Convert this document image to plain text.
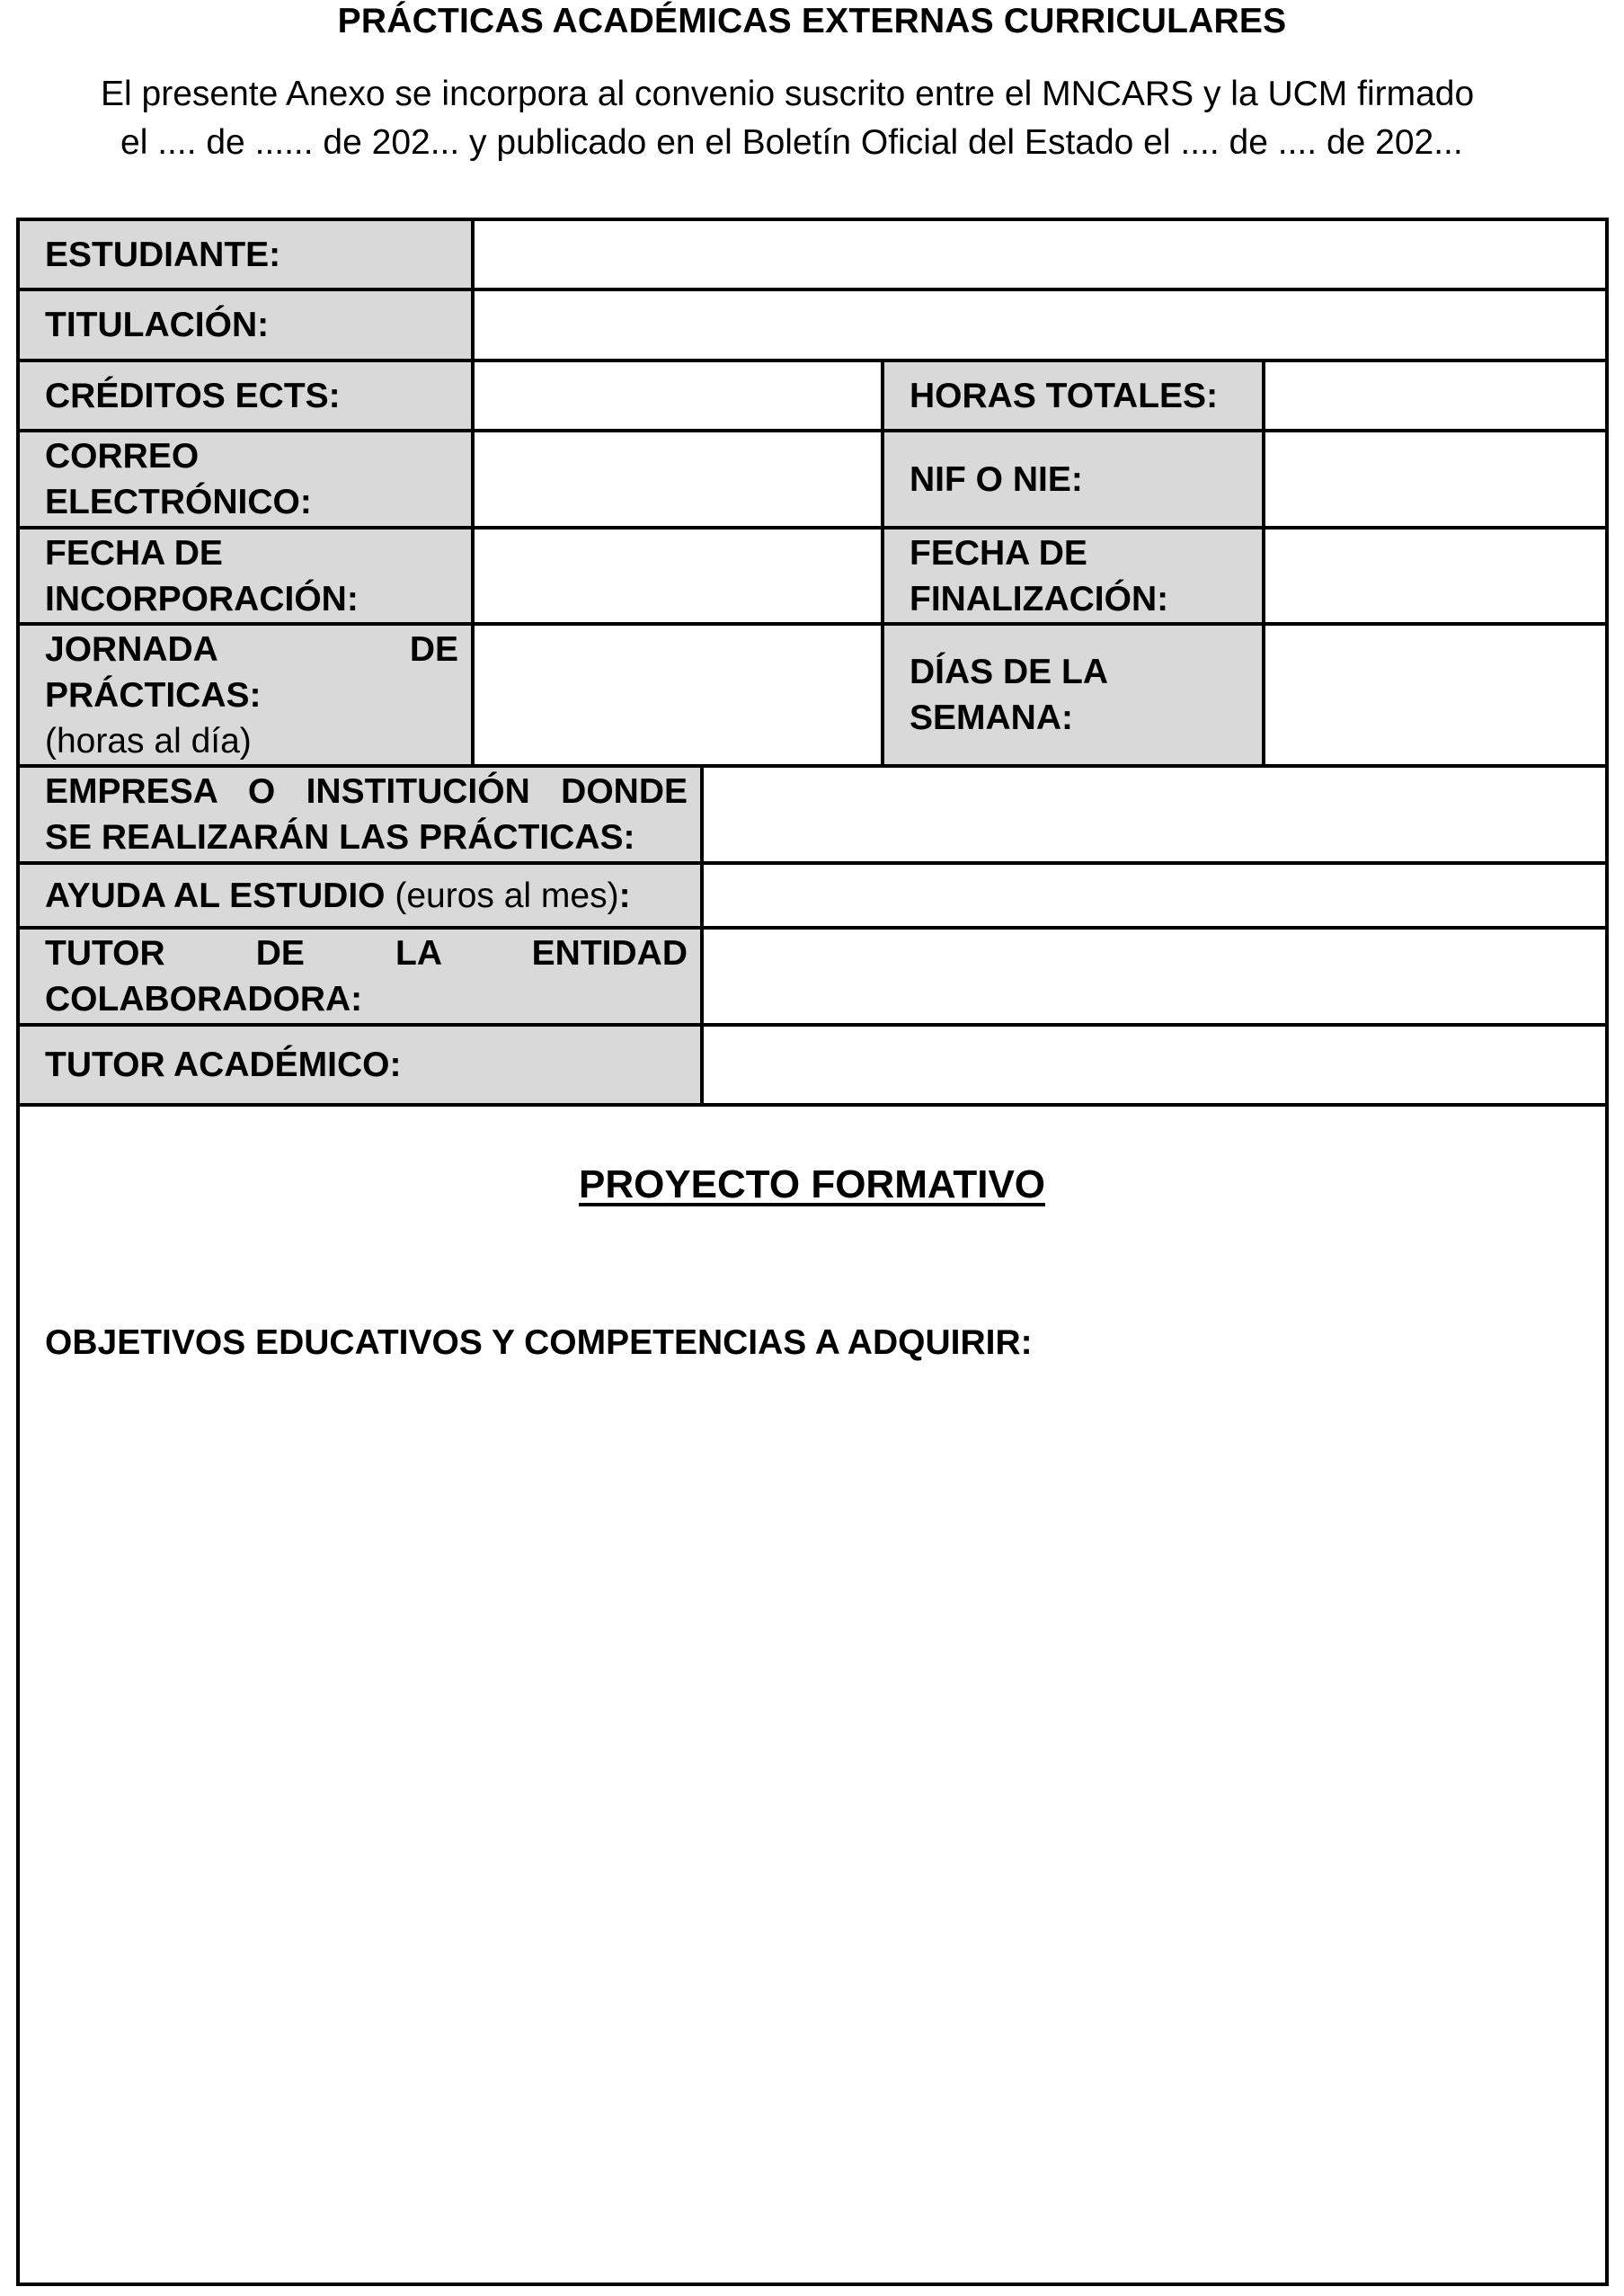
PRÁCTICAS ACADÉMICAS EXTERNAS CURRICULARES
El presente Anexo se incorpora al convenio suscrito entre el MNCARS y la UCM firmado
el .... de ...... de 202... y publicado en el Boletín Oficial del Estado el .... de .... de 202...
ESTUDIANTE:
TITULACIÓN:
CRÉDITOS ECTS:	HORAS TOTALES:
CORREO
ELECTRÓNICO:
NIF O NIE:
FECHA DE
INCORPORACIÓN:
FECHA DE
FINALIZACIÓN:
JORNADA DE
PRÁCTICAS:
(horas al día)
DÍAS DE LA
SEMANA:
EMPRESA O INSTITUCIÓN DONDE
SE REALIZARÁN LAS PRÁCTICAS:
AYUDA AL ESTUDIO (euros al mes):
TUTOR DE LA ENTIDAD
COLABORADORA:
TUTOR ACADÉMICO:
PROYECTO FORMATIVO
OBJETIVOS EDUCATIVOS Y COMPETENCIAS A ADQUIRIR:
